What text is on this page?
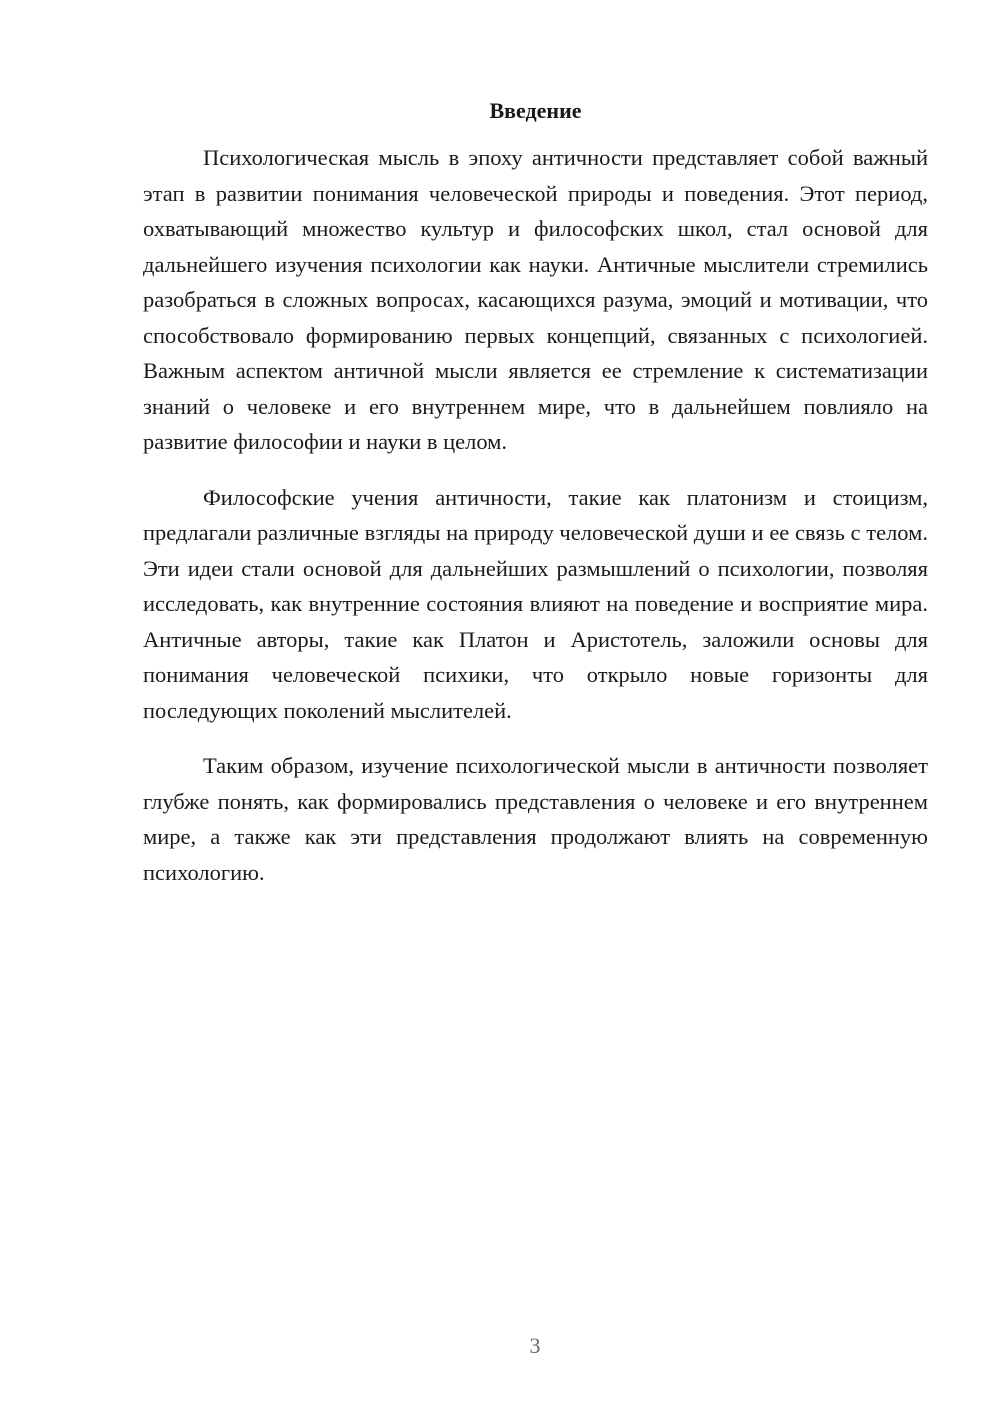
Введение

Психологическая мысль в эпоху античности представляет собой важный этап в развитии понимания человеческой природы и поведения. Этот период, охватывающий множество культур и философских школ, стал основой для дальнейшего изучения психологии как науки. Античные мыслители стремились разобраться в сложных вопросах, касающихся разума, эмоций и мотивации, что способствовало формированию первых концепций, связанных с психологией. Важным аспектом античной мысли является ее стремление к систематизации знаний о человеке и его внутреннем мире, что в дальнейшем повлияло на развитие философии и науки в целом.

Философские учения античности, такие как платонизм и стоицизм, предлагали различные взгляды на природу человеческой души и ее связь с телом. Эти идеи стали основой для дальнейших размышлений о психологии, позволяя исследовать, как внутренние состояния влияют на поведение и восприятие мира. Античные авторы, такие как Платон и Аристотель, заложили основы для понимания человеческой психики, что открыло новые горизонты для последующих поколений мыслителей.

Таким образом, изучение психологической мысли в античности позволяет глубже понять, как формировались представления о человеке и его внутреннем мире, а также как эти представления продолжают влиять на современную психологию.

3
